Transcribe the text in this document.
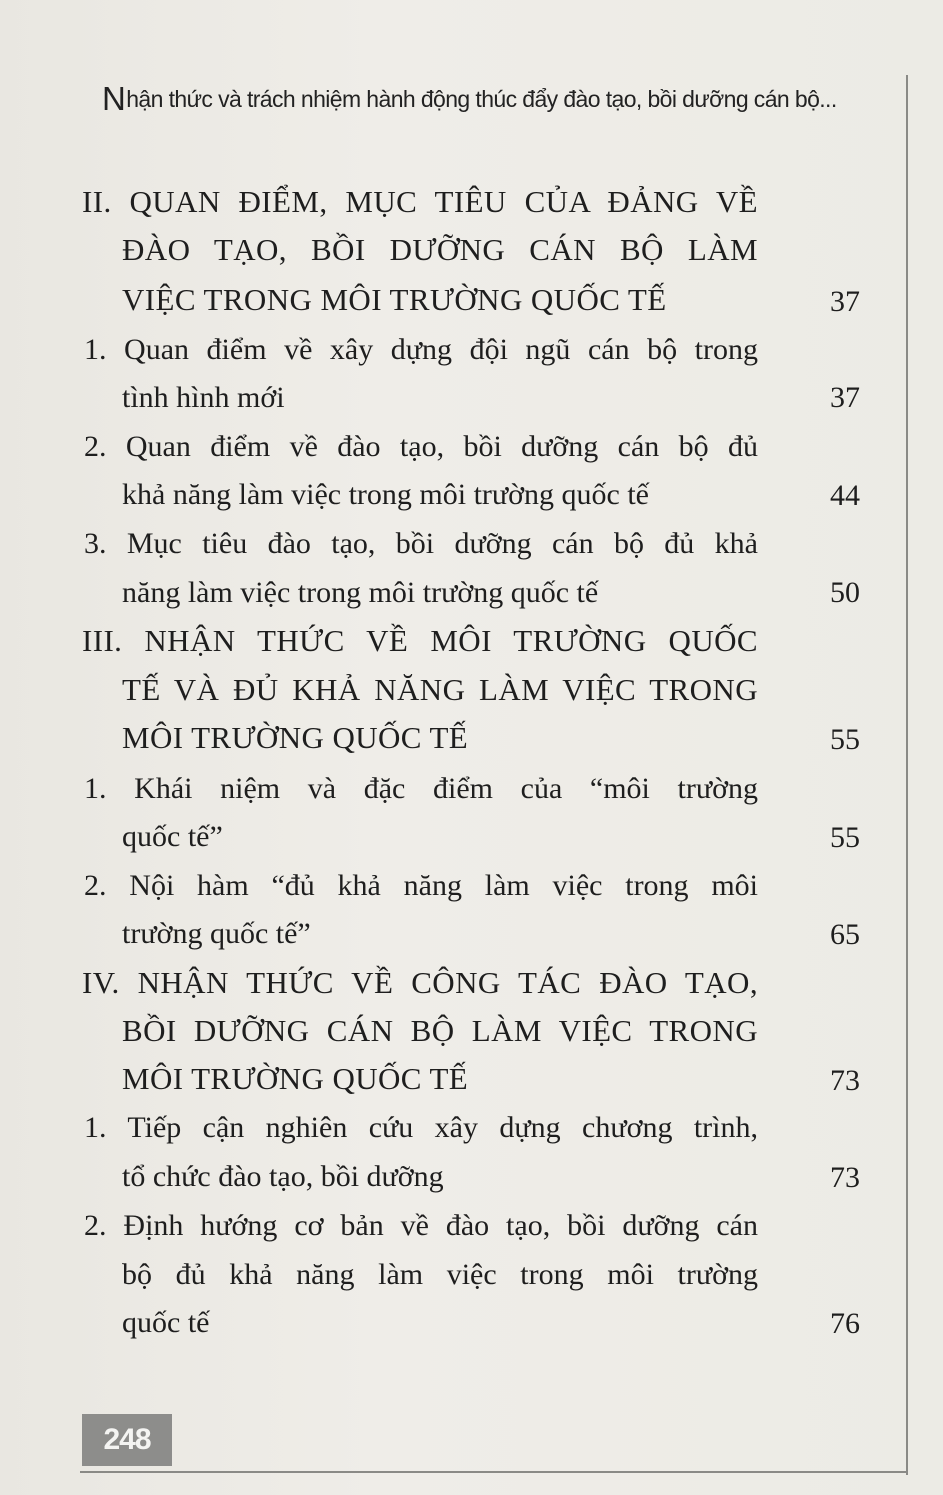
Nhận thức và trách nhiệm hành động thúc đẩy đào tạo, bồi dưỡng cán bộ...
II. QUAN ĐIỂM, MỤC TIÊU CỦA ĐẢNG VỀ
ĐÀO TẠO, BỒI DƯỠNG CÁN BỘ LÀM
VIỆC TRONG MÔI TRƯỜNG QUỐC TẾ	37
1. Quan điểm về xây dựng đội ngũ cán bộ trong
tình hình mới	37
2. Quan điểm về đào tạo, bồi dưỡng cán bộ đủ
khả năng làm việc trong môi trường quốc tế	44
3. Mục tiêu đào tạo, bồi dưỡng cán bộ đủ khả
năng làm việc trong môi trường quốc tế	50
III. NHẬN THỨC VỀ MÔI TRƯỜNG QUỐC
TẾ VÀ ĐỦ KHẢ NĂNG LÀM VIỆC TRONG
MÔI TRƯỜNG QUỐC TẾ	55
1. Khái niệm và đặc điểm của “môi trường
quốc tế”	55
2. Nội hàm “đủ khả năng làm việc trong môi
trường quốc tế”	65
IV. NHẬN THỨC VỀ CÔNG TÁC ĐÀO TẠO,
BỒI DƯỠNG CÁN BỘ LÀM VIỆC TRONG
MÔI TRƯỜNG QUỐC TẾ	73
1. Tiếp cận nghiên cứu xây dựng chương trình,
tổ chức đào tạo, bồi dưỡng	73
2. Định hướng cơ bản về đào tạo, bồi dưỡng cán
bộ đủ khả năng làm việc trong môi trường
quốc tế	76
248
